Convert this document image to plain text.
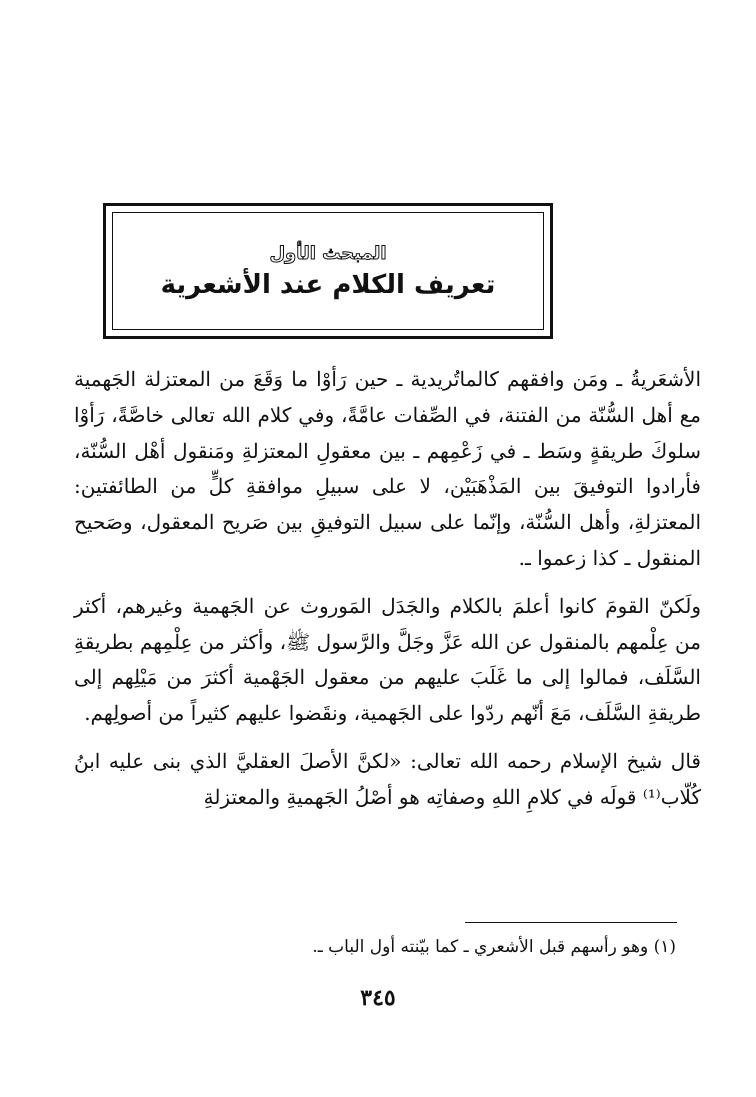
المبحث الأول
تعريف الكلام عند الأشعرية

الأشعَريةُ ـ ومَن وافقهم كالماتُريدية ـ حين رَأوْا ما وَقَعَ من المعتزلة الجَهمية مع أهل السُّنّة من الفتنة، في الصِّفات عامَّةً، وفي كلام الله تعالى خاصَّةً، رَأوْا سلوكَ طريقةٍ وسَط ـ في زَعْمِهم ـ بين معقولِ المعتزلةِ ومَنقول أهْل السُّنّة، فأرادوا التوفيقَ بين المَذْهَبَيْن، لا على سبيلِ موافقةِ كلٍّ من الطائفتين: المعتزلةِ، وأهل السُّنّة، وإنّما على سبيل التوفيقِ بين صَريح المعقول، وصَحيح المنقول ـ كذا زعموا ـ.

ولَكنّ القومَ كانوا أعلمَ بالكلام والجَدَل المَوروث عن الجَهمية وغيرهم، أكثر من عِلْمهم بالمنقول عن الله عَزَّ وجَلَّ والرَّسول ﷺ، وأكثر من عِلْمِهم بطريقةِ السَّلَف، فمالوا إلى ما غَلَبَ عليهم من معقول الجَهْمية أكثرَ من مَيْلِهم إلى طريقةِ السَّلَف، مَعَ أنّهم ردّوا على الجَهمية، ونقَضوا عليهم كثيراً من أصولِهم.

قال شيخ الإسلام رحمه الله تعالى: «لكنَّ الأصلَ العقليَّ الذي بنى عليه ابنُ كُلّاب⁽¹⁾ قولَه في كلامِ اللهِ وصفاتِه هو أصْلُ الجَهميةِ والمعتزلةِ

(١) وهو رأسهم قبل الأشعري ـ كما بيّنته أول الباب ـ.
٣٤٥
